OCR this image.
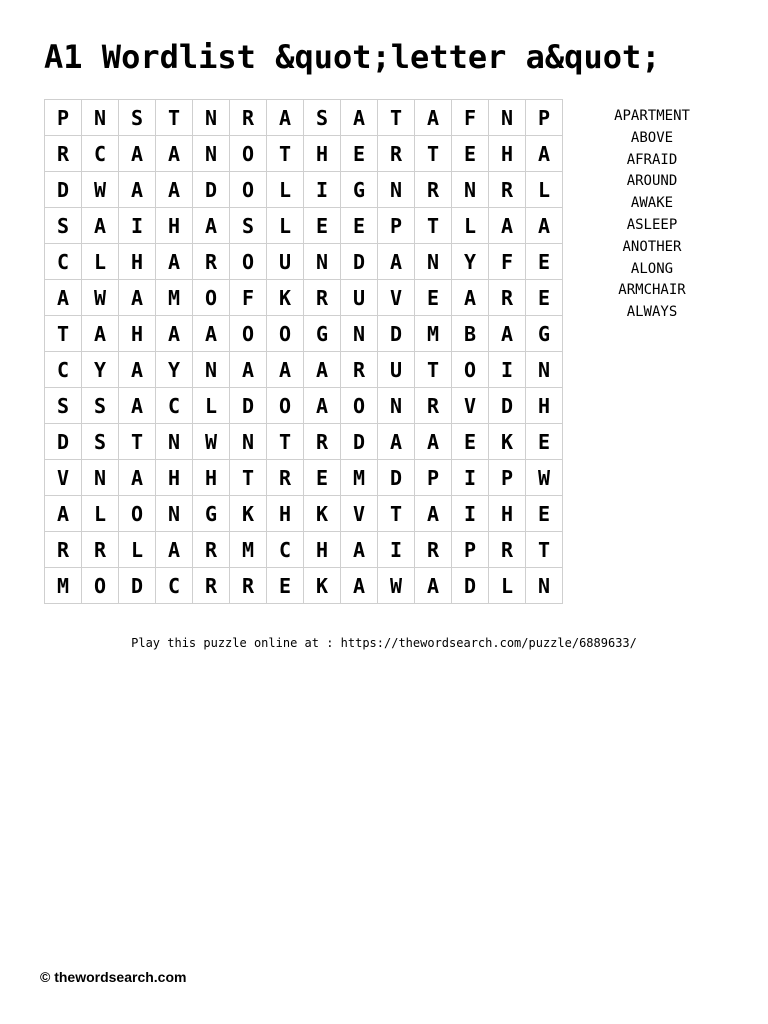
A1 Wordlist &quot;letter a&quot;
P	N	S	T	N	R	A	S	A	T	A	F	N	P
R	C	A	A	N	O	T	H	E	R	T	E	H	A
D	W	A	A	D	O	L	I	G	N	R	N	R	L
S	A	I	H	A	S	L	E	E	P	T	L	A	A
C	L	H	A	R	O	U	N	D	A	N	Y	F	E
A	W	A	M	O	F	K	R	U	V	E	A	R	E
T	A	H	A	A	O	O	G	N	D	M	B	A	G
C	Y	A	Y	N	A	A	A	R	U	T	O	I	N
S	S	A	C	L	D	O	A	O	N	R	V	D	H
D	S	T	N	W	N	T	R	D	A	A	E	K	E
V	N	A	H	H	T	R	E	M	D	P	I	P	W
A	L	O	N	G	K	H	K	V	T	A	I	H	E
R	R	L	A	R	M	C	H	A	I	R	P	R	T
M	O	D	C	R	R	E	K	A	W	A	D	L	N
APARTMENT
ABOVE
AFRAID
AROUND
AWAKE
ASLEEP
ANOTHER
ALONG
ARMCHAIR
ALWAYS
Play this puzzle online at : https://thewordsearch.com/puzzle/6889633/
© thewordsearch.com
